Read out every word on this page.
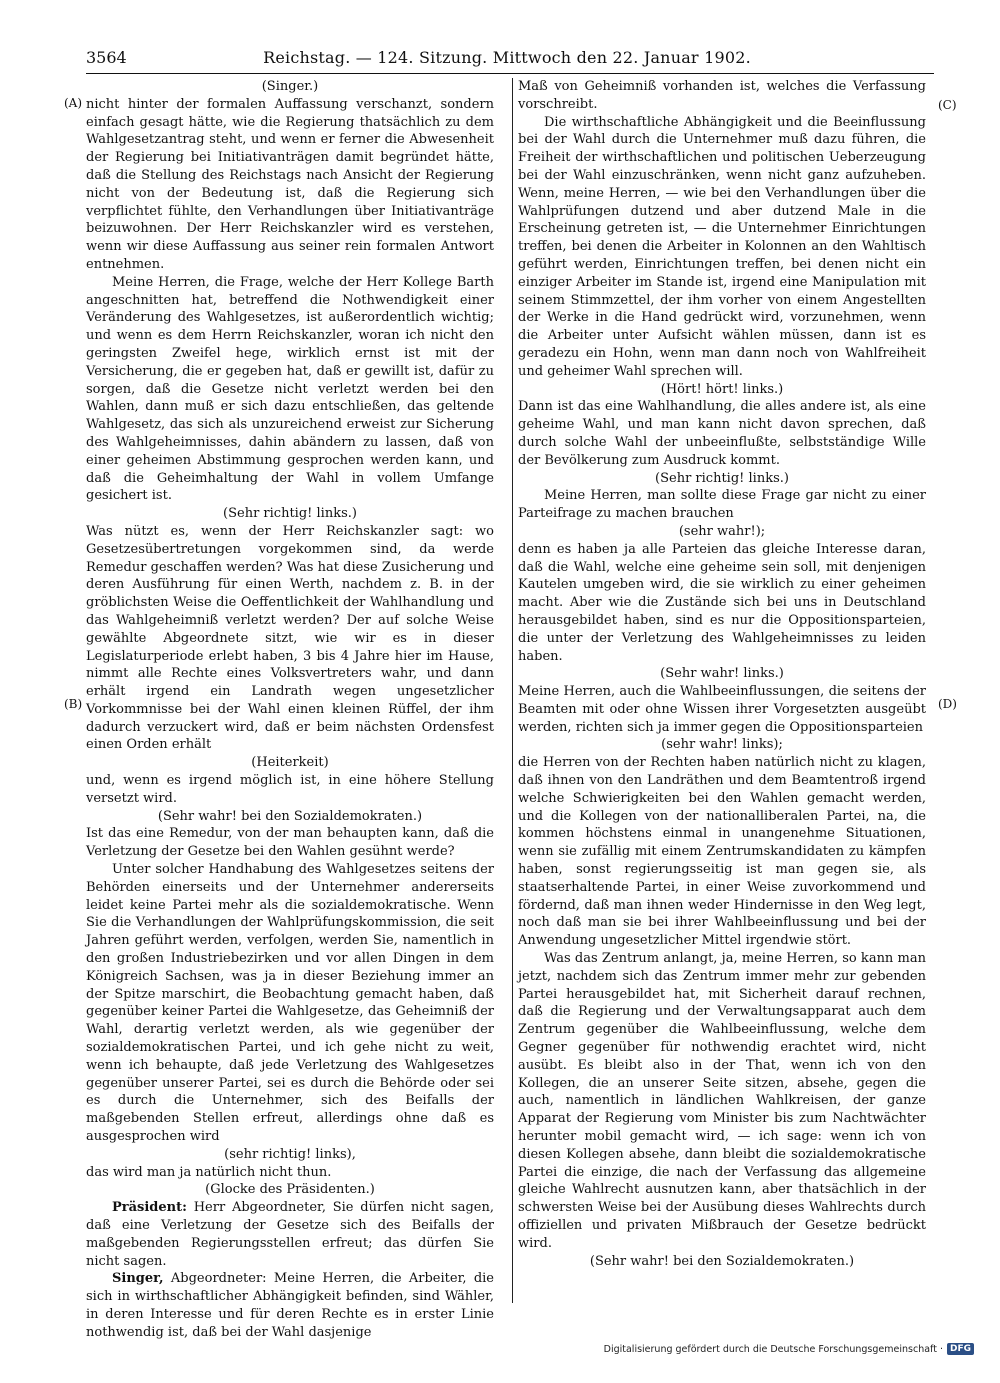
3564	Reichstag. — 124. Sitzung. Mittwoch den 22. Januar 1902.

(Singer.)

nicht hinter der formalen Auffassung verschanzt, sondern einfach gesagt hätte, wie die Regierung thatsächlich zu dem Wahlgesetzantrag steht, und wenn er ferner die Abwesenheit der Regierung bei Initiativanträgen damit begründet hätte, daß die Stellung des Reichstags nach Ansicht der Regierung nicht von der Bedeutung ist, daß die Regierung sich verpflichtet fühlte, den Verhandlungen über Initiativanträge beizuwohnen. Der Herr Reichskanzler wird es verstehen, wenn wir diese Auffassung aus seiner rein formalen Antwort entnehmen.

Meine Herren, die Frage, welche der Herr Kollege Barth angeschnitten hat, betreffend die Nothwendigkeit einer Veränderung des Wahlgesetzes, ist außerordentlich wichtig; und wenn es dem Herrn Reichskanzler, woran ich nicht den geringsten Zweifel hege, wirklich ernst ist mit der Versicherung, die er gegeben hat, daß er gewillt ist, dafür zu sorgen, daß die Gesetze nicht verletzt werden bei den Wahlen, dann muß er sich dazu entschließen, das geltende Wahlgesetz, das sich als unzureichend erweist zur Sicherung des Wahlgeheimnisses, dahin abändern zu lassen, daß von einer geheimen Abstimmung gesprochen werden kann, und daß die Geheimhaltung der Wahl in vollem Umfange gesichert ist.

(Sehr richtig! links.)

Was nützt es, wenn der Herr Reichskanzler sagt: wo Gesetzesübertretungen vorgekommen sind, da werde Remedur geschaffen werden? Was hat diese Zusicherung und deren Ausführung für einen Werth, nachdem z. B. in der gröblichsten Weise die Oeffentlichkeit der Wahlhandlung und das Wahlgeheimniß verletzt werden? Der auf solche Weise gewählte Abgeordnete sitzt, wie wir es in dieser Legislaturperiode erlebt haben, 3 bis 4 Jahre hier im Hause, nimmt alle Rechte eines Volksvertreters wahr, und dann erhält irgend ein Landrath wegen ungesetzlicher Vorkommnisse bei der Wahl einen kleinen Rüffel, der ihm dadurch verzuckert wird, daß er beim nächsten Ordensfest einen Orden erhält

(Heiterkeit)

und, wenn es irgend möglich ist, in eine höhere Stellung versetzt wird.

(Sehr wahr! bei den Sozialdemokraten.)

Ist das eine Remedur, von der man behaupten kann, daß die Verletzung der Gesetze bei den Wahlen gesühnt werde?

Unter solcher Handhabung des Wahlgesetzes seitens der Behörden einerseits und der Unternehmer andererseits leidet keine Partei mehr als die sozialdemokratische. Wenn Sie die Verhandlungen der Wahlprüfungskommission, die seit Jahren geführt werden, verfolgen, werden Sie, namentlich in den großen Industriebezirken und vor allen Dingen in dem Königreich Sachsen, was ja in dieser Beziehung immer an der Spitze marschirt, die Beobachtung gemacht haben, daß gegenüber keiner Partei die Wahlgesetze, das Geheimniß der Wahl, derartig verletzt werden, als wie gegenüber der sozialdemokratischen Partei, und ich gehe nicht zu weit, wenn ich behaupte, daß jede Verletzung des Wahlgesetzes gegenüber unserer Partei, sei es durch die Behörde oder sei es durch die Unternehmer, sich des Beifalls der maßgebenden Stellen erfreut, allerdings ohne daß es ausgesprochen wird

(sehr richtig! links),

das wird man ja natürlich nicht thun.

(Glocke des Präsidenten.)

Präsident: Herr Abgeordneter, Sie dürfen nicht sagen, daß eine Verletzung der Gesetze sich des Beifalls der maßgebenden Regierungsstellen erfreut; das dürfen Sie nicht sagen.

Singer, Abgeordneter: Meine Herren, die Arbeiter, die sich in wirthschaftlicher Abhängigkeit befinden, sind Wähler, in deren Interesse und für deren Rechte es in erster Linie nothwendig ist, daß bei der Wahl dasjenige

Maß von Geheimniß vorhanden ist, welches die Verfassung vorschreibt.

Die wirthschaftliche Abhängigkeit und die Beeinflussung bei der Wahl durch die Unternehmer muß dazu führen, die Freiheit der wirthschaftlichen und politischen Ueberzeugung bei der Wahl einzuschränken, wenn nicht ganz aufzuheben. Wenn, meine Herren, — wie bei den Verhandlungen über die Wahlprüfungen dutzend und aber dutzend Male in die Erscheinung getreten ist, — die Unternehmer Einrichtungen treffen, bei denen die Arbeiter in Kolonnen an den Wahltisch geführt werden, Einrichtungen treffen, bei denen nicht ein einziger Arbeiter im Stande ist, irgend eine Manipulation mit seinem Stimmzettel, der ihm vorher von einem Angestellten der Werke in die Hand gedrückt wird, vorzunehmen, wenn die Arbeiter unter Aufsicht wählen müssen, dann ist es geradezu ein Hohn, wenn man dann noch von Wahlfreiheit und geheimer Wahl sprechen will.

(Hört! hört! links.)

Dann ist das eine Wahlhandlung, die alles andere ist, als eine geheime Wahl, und man kann nicht davon sprechen, daß durch solche Wahl der unbeeinflußte, selbstständige Wille der Bevölkerung zum Ausdruck kommt.

(Sehr richtig! links.)

Meine Herren, man sollte diese Frage gar nicht zu einer Parteifrage zu machen brauchen

(sehr wahr!);

denn es haben ja alle Parteien das gleiche Interesse daran, daß die Wahl, welche eine geheime sein soll, mit denjenigen Kautelen umgeben wird, die sie wirklich zu einer geheimen macht. Aber wie die Zustände sich bei uns in Deutschland herausgebildet haben, sind es nur die Oppositionsparteien, die unter der Verletzung des Wahlgeheimnisses zu leiden haben.

(Sehr wahr! links.)

Meine Herren, auch die Wahlbeeinflussungen, die seitens der Beamten mit oder ohne Wissen ihrer Vorgesetzten ausgeübt werden, richten sich ja immer gegen die Oppositionsparteien

(sehr wahr! links);

die Herren von der Rechten haben natürlich nicht zu klagen, daß ihnen von den Landräthen und dem Beamtentroß irgend welche Schwierigkeiten bei den Wahlen gemacht werden, und die Kollegen von der nationalliberalen Partei, na, die kommen höchstens einmal in unangenehme Situationen, wenn sie zufällig mit einem Zentrumskandidaten zu kämpfen haben, sonst regierungsseitig ist man gegen sie, als staatserhaltende Partei, in einer Weise zuvorkommend und fördernd, daß man ihnen weder Hindernisse in den Weg legt, noch daß man sie bei ihrer Wahlbeeinflussung und bei der Anwendung ungesetzlicher Mittel irgendwie stört.

Was das Zentrum anlangt, ja, meine Herren, so kann man jetzt, nachdem sich das Zentrum immer mehr zur gebenden Partei herausgebildet hat, mit Sicherheit darauf rechnen, daß die Regierung und der Verwaltungsapparat auch dem Zentrum gegenüber die Wahlbeeinflussung, welche dem Gegner gegenüber für nothwendig erachtet wird, nicht ausübt. Es bleibt also in der That, wenn ich von den Kollegen, die an unserer Seite sitzen, absehe, gegen die auch, namentlich in ländlichen Wahlkreisen, der ganze Apparat der Regierung vom Minister bis zum Nachtwächter herunter mobil gemacht wird, — ich sage: wenn ich von diesen Kollegen absehe, dann bleibt die sozialdemokratische Partei die einzige, die nach der Verfassung das allgemeine gleiche Wahlrecht ausnutzen kann, aber thatsächlich in der schwersten Weise bei der Ausübung dieses Wahlrechts durch offiziellen und privaten Mißbrauch der Gesetze bedrückt wird.

(Sehr wahr! bei den Sozialdemokraten.)

(A)
(B)
(C)
(D)
Digitalisierung gefördert durch die Deutsche Forschungsgemeinschaft · DFG
